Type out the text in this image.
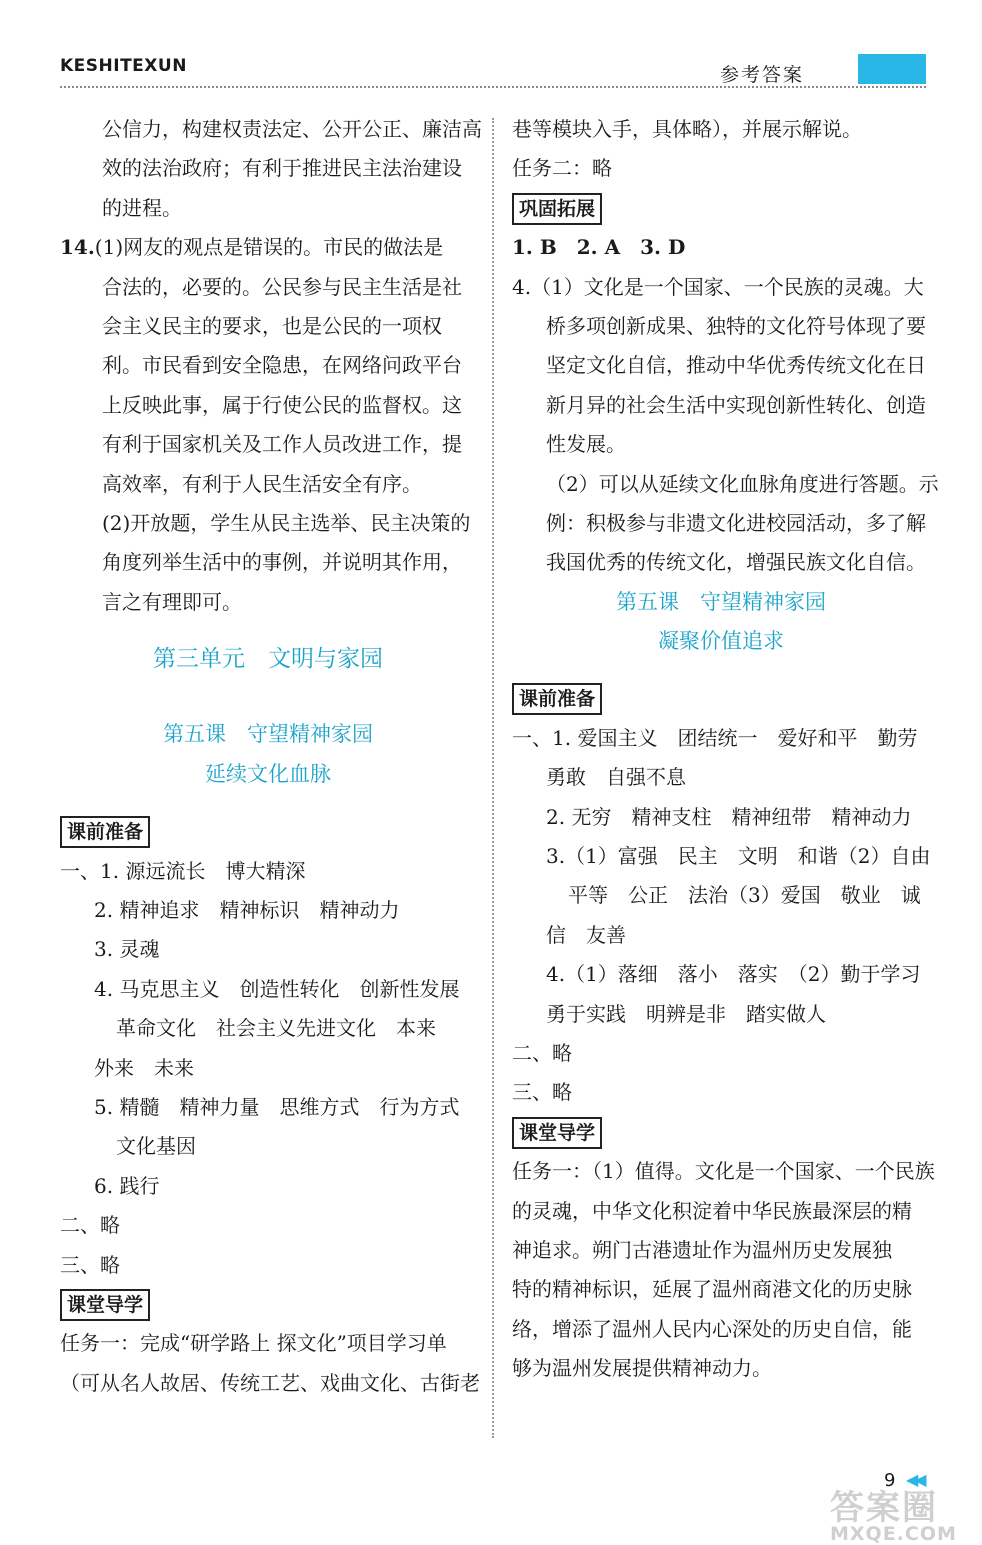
KESHITEXUN	参考答案
公信力，构建权责法定、公开公正、廉洁高
效的法治政府；有利于推进民主法治建设
的进程。
14.(1)网友的观点是错误的。市民的做法是
合法的，必要的。公民参与民主生活是社
会主义民主的要求，也是公民的一项权
利。市民看到安全隐患，在网络问政平台
上反映此事，属于行使公民的监督权。这
有利于国家机关及工作人员改进工作，提
高效率，有利于人民生活安全有序。
(2)开放题，学生从民主选举、民主决策的
角度列举生活中的事例，并说明其作用，
言之有理即可。
第三单元　文明与家园
第五课　守望精神家园
延续文化血脉
课前准备
一、1. 源远流长　博大精深
2. 精神追求　精神标识　精神动力
3. 灵魂
4. 马克思主义　创造性转化　创新性发展
革命文化　社会主义先进文化　本来
外来　未来
5. 精髓　精神力量　思维方式　行为方式
文化基因
6. 践行
二、略
三、略
课堂导学
任务一：完成“研学路上 探文化”项目学习单
（可从名人故居、传统工艺、戏曲文化、古街老
巷等模块入手，具体略），并展示解说。
任务二：略
巩固拓展
1. B　2. A　3. D
4.（1）文化是一个国家、一个民族的灵魂。大
桥多项创新成果、独特的文化符号体现了要
坚定文化自信，推动中华优秀传统文化在日
新月异的社会生活中实现创新性转化、创造
性发展。
（2）可以从延续文化血脉角度进行答题。示
例：积极参与非遗文化进校园活动，多了解
我国优秀的传统文化，增强民族文化自信。
第五课　守望精神家园
凝聚价值追求
课前准备
一、1. 爱国主义　团结统一　爱好和平　勤劳
勇敢　自强不息
2. 无穷　精神支柱　精神纽带　精神动力
3.（1）富强　民主　文明　和谐（2）自由
平等　公正　法治（3）爱国　敬业　诚
信　友善
4.（1）落细　落小　落实　（2）勤于学习
勇于实践　明辨是非　踏实做人
二、略
三、略
课堂导学
任务一：（1）值得。文化是一个国家、一个民族
的灵魂，中华文化积淀着中华民族最深层的精
神追求。朔门古港遗址作为温州历史发展独
特的精神标识，延展了温州商港文化的历史脉
络，增添了温州人民内心深处的历史自信，能
够为温州发展提供精神动力。
9 ◀◀
答案圈
MXQE.COM
